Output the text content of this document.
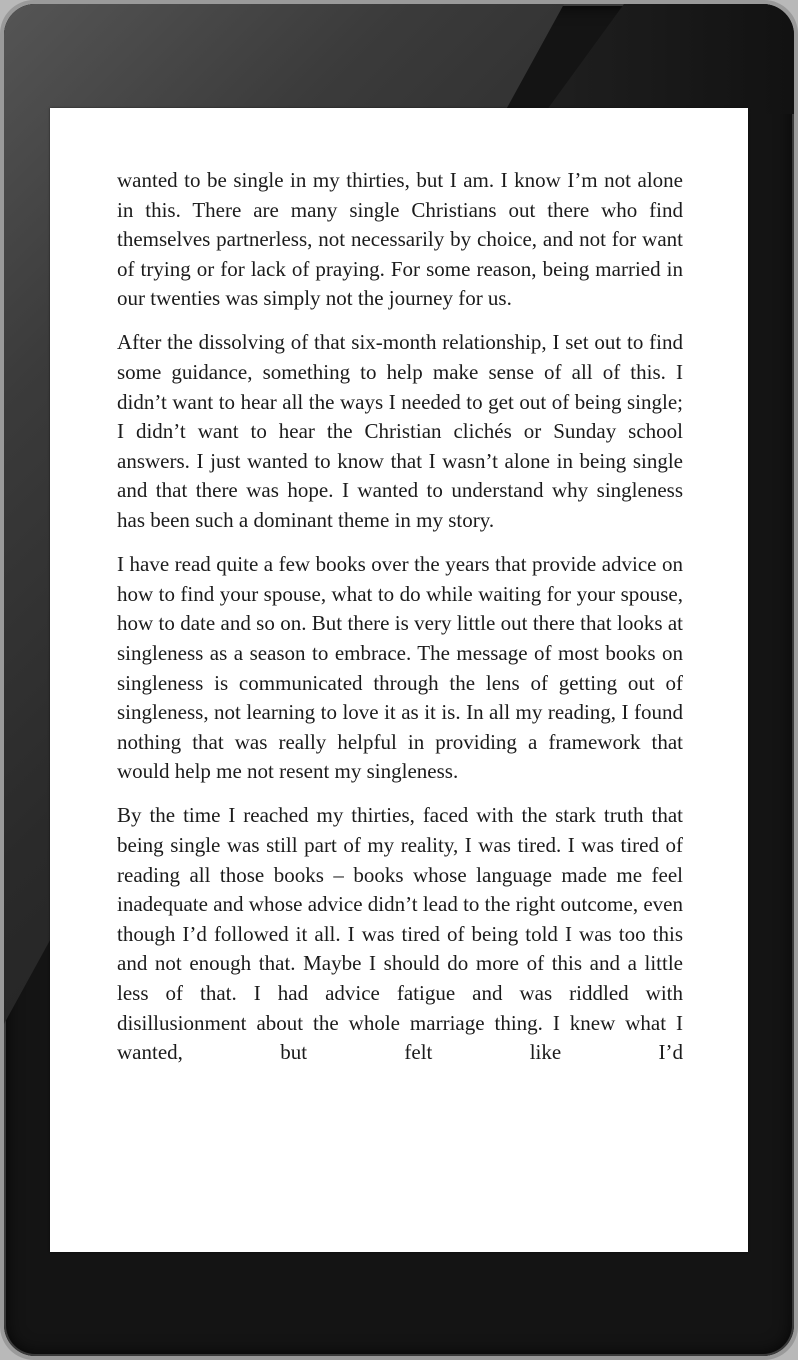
wanted to be single in my thirties, but I am. I know I’m not alone in this. There are many single Christians out there who find themselves partnerless, not necessarily by choice, and not for want of trying or for lack of praying. For some reason, being married in our twenties was simply not the journey for us.

After the dissolving of that six-month relationship, I set out to find some guidance, something to help make sense of all of this. I didn’t want to hear all the ways I needed to get out of being single; I didn’t want to hear the Christian clichés or Sunday school answers. I just wanted to know that I wasn’t alone in being single and that there was hope. I wanted to understand why singleness has been such a dominant theme in my story.

I have read quite a few books over the years that provide advice on how to find your spouse, what to do while waiting for your spouse, how to date and so on. But there is very little out there that looks at singleness as a season to embrace. The message of most books on singleness is communicated through the lens of getting out of singleness, not learning to love it as it is. In all my reading, I found nothing that was really helpful in providing a framework that would help me not resent my singleness.

By the time I reached my thirties, faced with the stark truth that being single was still part of my reality, I was tired. I was tired of reading all those books – books whose language made me feel inadequate and whose advice didn’t lead to the right outcome, even though I’d followed it all. I was tired of being told I was too this and not enough that. Maybe I should do more of this and a little less of that. I had advice fatigue and was riddled with disillusionment about the whole marriage thing. I knew what I wanted, but felt like I’d
